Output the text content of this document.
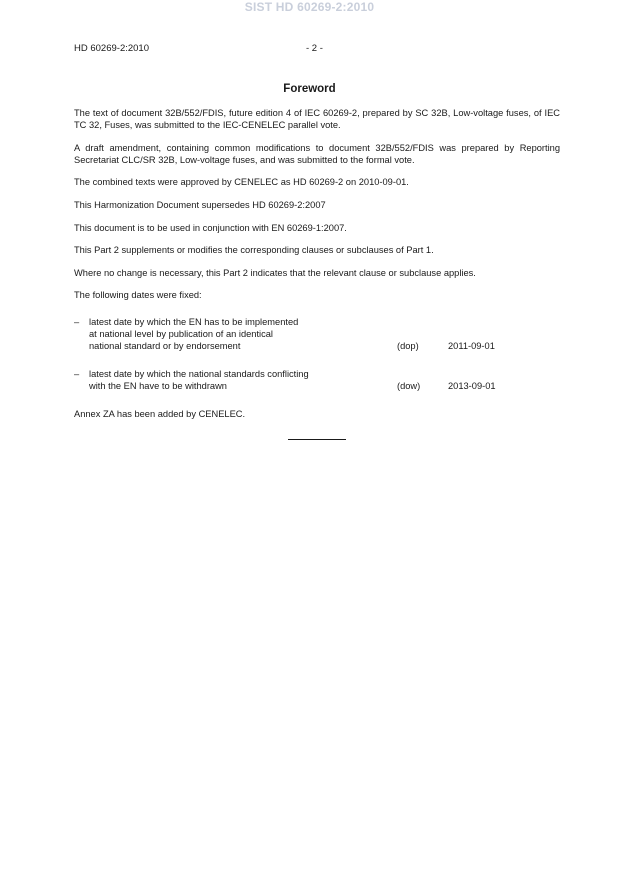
SIST HD 60269-2:2010
HD 60269-2:2010	- 2 -
Foreword
The text of document 32B/552/FDIS, future edition 4 of IEC 60269-2, prepared by SC 32B, Low-voltage fuses, of IEC TC 32, Fuses, was submitted to the IEC-CENELEC parallel vote.
A draft amendment, containing common modifications to document 32B/552/FDIS was prepared by Reporting Secretariat CLC/SR 32B, Low-voltage fuses, and was submitted to the formal vote.
The combined texts were approved by CENELEC as HD 60269-2 on 2010-09-01.
This Harmonization Document supersedes HD 60269-2:2007
This document is to be used in conjunction with EN 60269-1:2007.
This Part 2 supplements or modifies the corresponding clauses or subclauses of Part 1.
Where no change is necessary, this Part 2 indicates that the relevant clause or subclause applies.
The following dates were fixed:
– latest date by which the EN has to be implemented
at national level by publication of an identical
national standard or by endorsement	(dop)	2011-09-01
– latest date by which the national standards conflicting
with the EN have to be withdrawn	(dow)	2013-09-01
Annex ZA has been added by CENELEC.
